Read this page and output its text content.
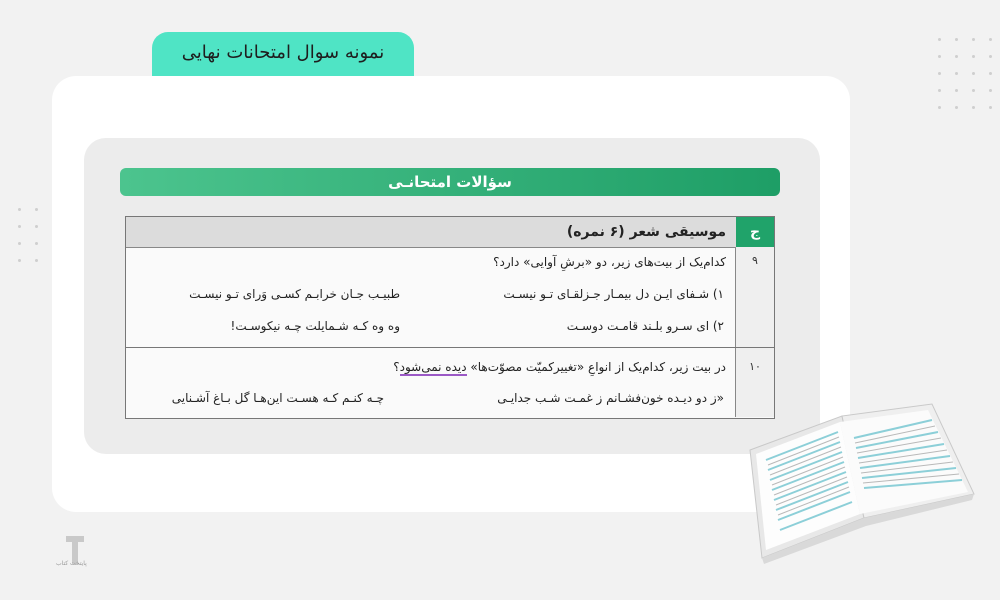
نمونه سوال امتحانات نهایی
سؤالات امتحانـی
ج
موسیقی شعر (۶ نمره)
۹
کدام‌یک از بیت‌های زیر، دو «برشِ آوایی» دارد؟
۱) شـفای ایـن دل بیمـار جـزلقـای تـو نیسـت
طبیـب جـان خرابـم کسـی وَرای تـو نیسـت
۲) ای سـرو بلـند قامـت دوسـت
وه وه کـه شـمایلت چـه نیکوسـت!
۱۰
در بیت زیر، کدام‌یک از انواعِ «تغییرکمیّت مصوّت‌ها» دیده نمی‌شود؟
«ز دو دیـده خون‌فشـانم ز غمـت شـب جدایـی
چـه کنـم کـه هسـت این‌هـا گل بـاغ آشـنایی
پایتخت کتاب
